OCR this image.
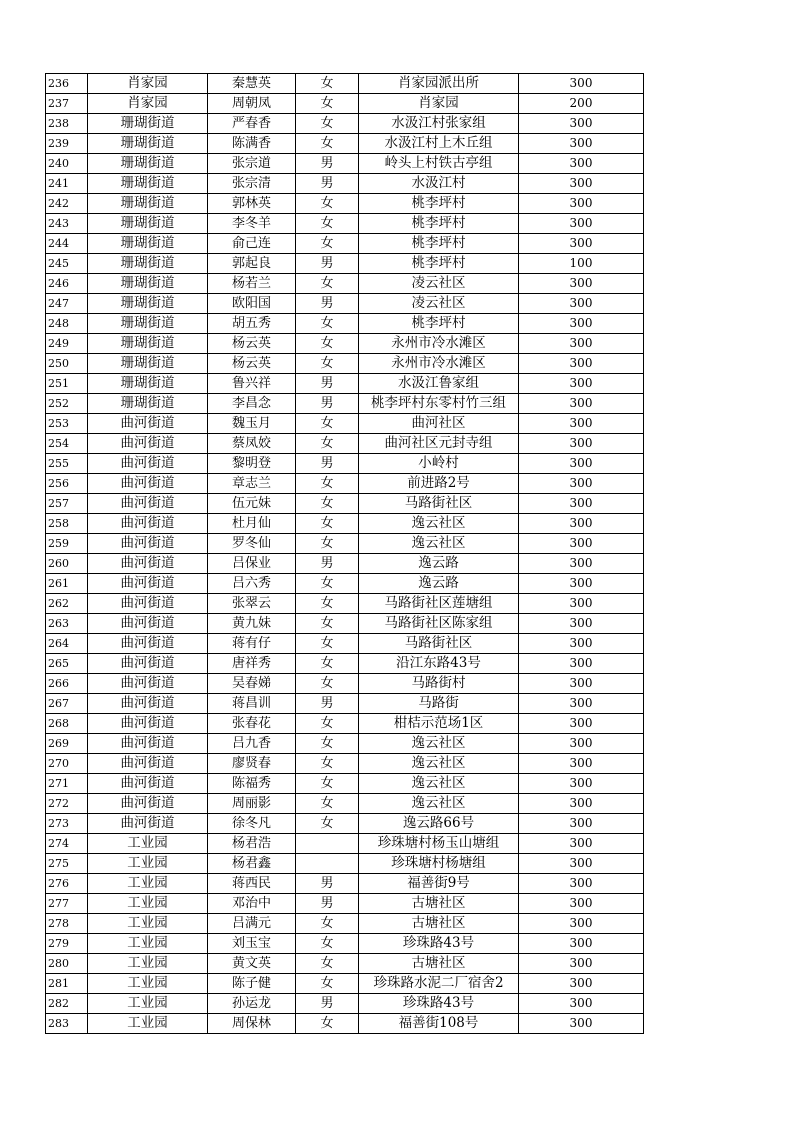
236	肖家园	秦慧英	女	肖家园派出所	300
237	肖家园	周朝凤	女	肖家园	200
238	珊瑚街道	严春香	女	水汲江村张家组	300
239	珊瑚街道	陈满香	女	水汲江村上木丘组	300
240	珊瑚街道	张宗道	男	岭头上村铁古亭组	300
241	珊瑚街道	张宗清	男	水汲江村	300
242	珊瑚街道	郭林英	女	桃李坪村	300
243	珊瑚街道	李冬羊	女	桃李坪村	300
244	珊瑚街道	俞己连	女	桃李坪村	300
245	珊瑚街道	郭起良	男	桃李坪村	100
246	珊瑚街道	杨若兰	女	凌云社区	300
247	珊瑚街道	欧阳国	男	凌云社区	300
248	珊瑚街道	胡五秀	女	桃李坪村	300
249	珊瑚街道	杨云英	女	永州市冷水滩区	300
250	珊瑚街道	杨云英	女	永州市冷水滩区	300
251	珊瑚街道	鲁兴祥	男	水汲江鲁家组	300
252	珊瑚街道	李昌念	男	桃李坪村东零村竹三组	300
253	曲河街道	魏玉月	女	曲河社区	300
254	曲河街道	蔡凤姣	女	曲河社区元封寺组	300
255	曲河街道	黎明登	男	小岭村	300
256	曲河街道	章志兰	女	前进路2号	300
257	曲河街道	伍元妹	女	马路街社区	300
258	曲河街道	杜月仙	女	逸云社区	300
259	曲河街道	罗冬仙	女	逸云社区	300
260	曲河街道	吕保业	男	逸云路	300
261	曲河街道	吕六秀	女	逸云路	300
262	曲河街道	张翠云	女	马路街社区莲塘组	300
263	曲河街道	黄九妹	女	马路街社区陈家组	300
264	曲河街道	蒋有仔	女	马路街社区	300
265	曲河街道	唐祥秀	女	沿江东路43号	300
266	曲河街道	吴春娣	女	马路街村	300
267	曲河街道	蒋昌训	男	马路街	300
268	曲河街道	张春花	女	柑桔示范场1区	300
269	曲河街道	吕九香	女	逸云社区	300
270	曲河街道	廖贤春	女	逸云社区	300
271	曲河街道	陈福秀	女	逸云社区	300
272	曲河街道	周丽影	女	逸云社区	300
273	曲河街道	徐冬凡	女	逸云路66号	300
274	工业园	杨君浩		珍珠塘村杨玉山塘组	300
275	工业园	杨君鑫		珍珠塘村杨塘组	300
276	工业园	蒋西民	男	福善街9号	300
277	工业园	邓治中	男	古塘社区	300
278	工业园	吕满元	女	古塘社区	300
279	工业园	刘玉宝	女	珍珠路43号	300
280	工业园	黄文英	女	古塘社区	300
281	工业园	陈子健	女	珍珠路水泥二厂宿舍2	300
282	工业园	孙运龙	男	珍珠路43号	300
283	工业园	周保林	女	福善街108号	300
